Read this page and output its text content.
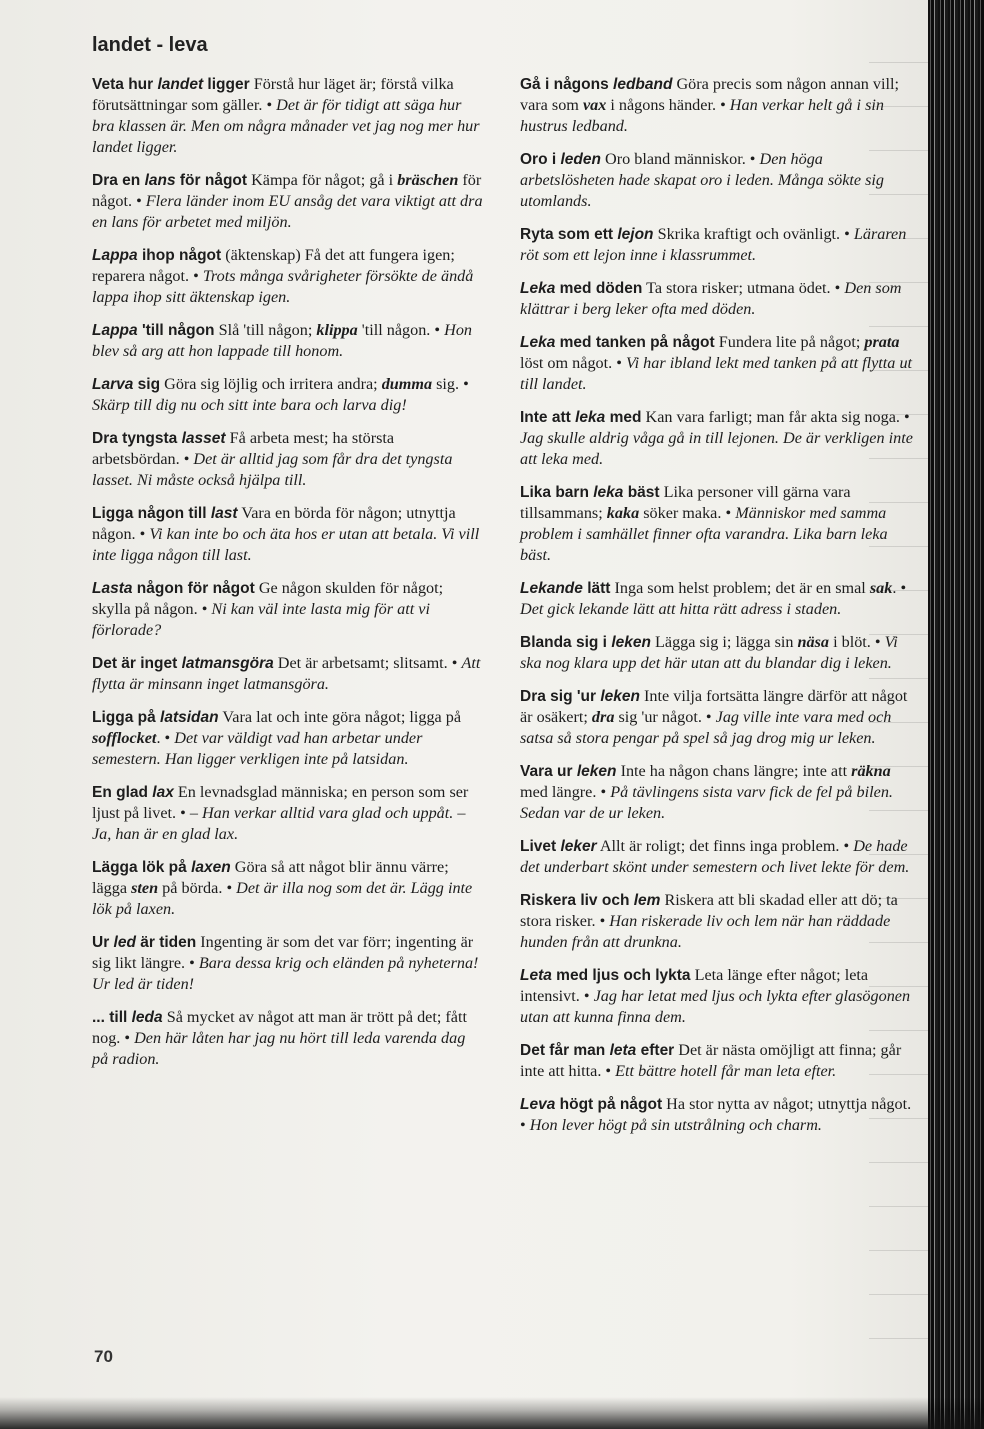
landet - leva

Veta hur landet ligger Förstå hur läget är; förstå vilka förutsättningar som gäller. • Det är för tidigt att säga hur bra klassen är. Men om några månader vet jag nog mer hur landet ligger.

Dra en lans för något Kämpa för något; gå i bräschen för något. • Flera länder inom EU ansåg det vara viktigt att dra en lans för arbetet med miljön.

Lappa ihop något (äktenskap) Få det att fungera igen; reparera något. • Trots många svårigheter försökte de ändå lappa ihop sitt äktenskap igen.

Lappa 'till någon Slå 'till någon; klippa 'till någon. • Hon blev så arg att hon lappade till honom.

Larva sig Göra sig löjlig och irritera andra; dumma sig. • Skärp till dig nu och sitt inte bara och larva dig!

Dra tyngsta lasset Få arbeta mest; ha största arbetsbördan. • Det är alltid jag som får dra det tyngsta lasset. Ni måste också hjälpa till.

Ligga någon till last Vara en börda för någon; utnyttja någon. • Vi kan inte bo och äta hos er utan att betala. Vi vill inte ligga någon till last.

Lasta någon för något Ge någon skulden för något; skylla på någon. • Ni kan väl inte lasta mig för att vi förlorade?

Det är inget latmansgöra Det är arbetsamt; slitsamt. • Att flytta är minsann inget latmansgöra.

Ligga på latsidan Vara lat och inte göra något; ligga på sofflocket. • Det var väldigt vad han arbetar under semestern. Han ligger verkligen inte på latsidan.

En glad lax En levnadsglad människa; en person som ser ljust på livet. • – Han verkar alltid vara glad och uppåt. – Ja, han är en glad lax.

Lägga lök på laxen Göra så att något blir ännu värre; lägga sten på börda. • Det är illa nog som det är. Lägg inte lök på laxen.

Ur led är tiden Ingenting är som det var förr; ingenting är sig likt längre. • Bara dessa krig och eländen på nyheterna! Ur led är tiden!

... till leda Så mycket av något att man är trött på det; fått nog. • Den här låten har jag nu hört till leda varenda dag på radion.

Gå i någons ledband Göra precis som någon annan vill; vara som vax i någons händer. • Han verkar helt gå i sin hustrus ledband.

Oro i leden Oro bland människor. • Den höga arbetslösheten hade skapat oro i leden. Många sökte sig utomlands.

Ryta som ett lejon Skrika kraftigt och ovänligt. • Läraren röt som ett lejon inne i klassrummet.

Leka med döden Ta stora risker; utmana ödet. • Den som klättrar i berg leker ofta med döden.

Leka med tanken på något Fundera lite på något; prata löst om något. • Vi har ibland lekt med tanken på att flytta ut till landet.

Inte att leka med Kan vara farligt; man får akta sig noga. • Jag skulle aldrig våga gå in till lejonen. De är verkligen inte att leka med.

Lika barn leka bäst Lika personer vill gärna vara tillsammans; kaka söker maka. • Människor med samma problem i samhället finner ofta varandra. Lika barn leka bäst.

Lekande lätt Inga som helst problem; det är en smal sak. • Det gick lekande lätt att hitta rätt adress i staden.

Blanda sig i leken Lägga sig i; lägga sin näsa i blöt. • Vi ska nog klara upp det här utan att du blandar dig i leken.

Dra sig 'ur leken Inte vilja fortsätta längre därför att något är osäkert; dra sig 'ur något. • Jag ville inte vara med och satsa så stora pengar på spel så jag drog mig ur leken.

Vara ur leken Inte ha någon chans längre; inte att räkna med längre. • På tävlingens sista varv fick de fel på bilen. Sedan var de ur leken.

Livet leker Allt är roligt; det finns inga problem. • De hade det underbart skönt under semestern och livet lekte för dem.

Riskera liv och lem Riskera att bli skadad eller att dö; ta stora risker. • Han riskerade liv och lem när han räddade hunden från att drunkna.

Leta med ljus och lykta Leta länge efter något; leta intensivt. • Jag har letat med ljus och lykta efter glasögonen utan att kunna finna dem.

Det får man leta efter Det är nästa omöjligt att finna; går inte att hitta. • Ett bättre hotell får man leta efter.

Leva högt på något Ha stor nytta av något; utnyttja något. • Hon lever högt på sin utstrålning och charm.

70
